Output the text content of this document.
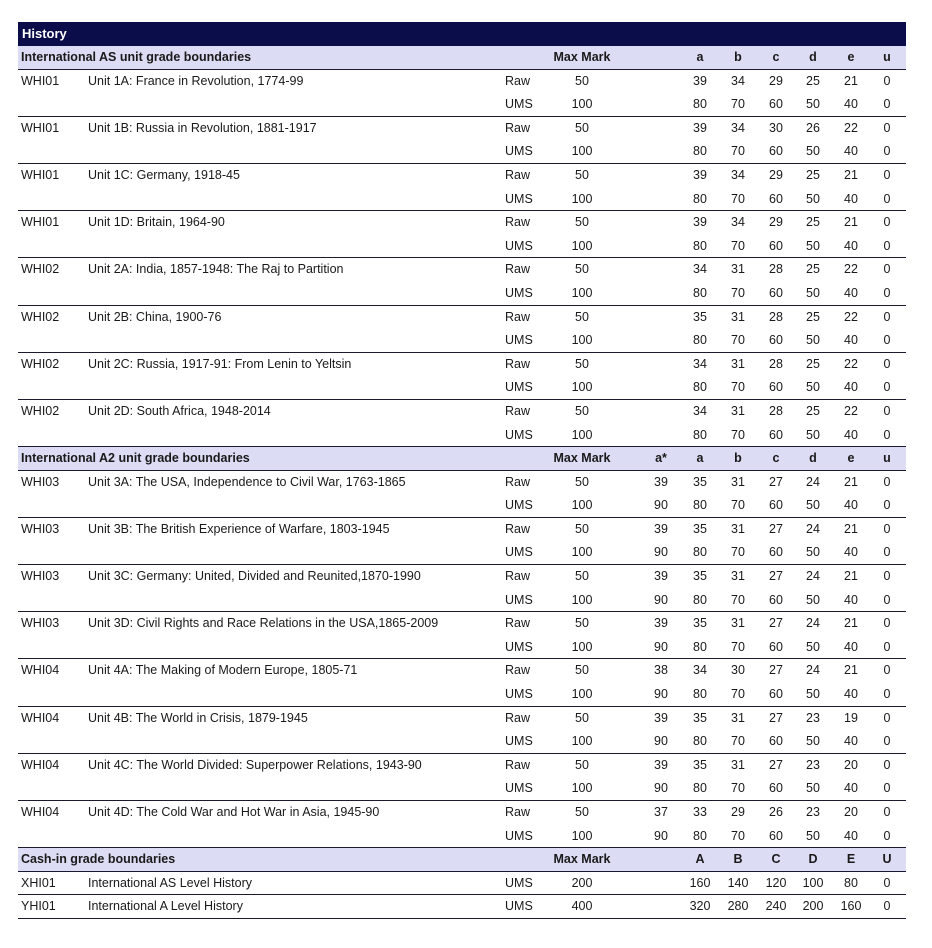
History
International AS unit grade boundaries	Max Mark	a b c d e u
WHI01 Unit 1A: France in Revolution, 1774-99	Raw	50	39 34 29 25 21 0
UMS	100	80 70 60 50 40 0
WHI01 Unit 1B: Russia in Revolution, 1881-1917	Raw	50	39 34 30 26 22 0
UMS	100	80 70 60 50 40 0
WHI01 Unit 1C: Germany, 1918-45	Raw	50	39 34 29 25 21 0
UMS	100	80 70 60 50 40 0
WHI01 Unit 1D: Britain, 1964-90	Raw	50	39 34 29 25 21 0
UMS	100	80 70 60 50 40 0
WHI02 Unit 2A: India, 1857-1948: The Raj to Partition	Raw	50	34 31 28 25 22 0
UMS	100	80 70 60 50 40 0
WHI02 Unit 2B: China, 1900-76	Raw	50	35 31 28 25 22 0
UMS	100	80 70 60 50 40 0
WHI02 Unit 2C: Russia, 1917-91: From Lenin to Yeltsin	Raw	50	34 31 28 25 22 0
UMS	100	80 70 60 50 40 0
WHI02 Unit 2D: South Africa, 1948-2014	Raw	50	34 31 28 25 22 0
UMS	100	80 70 60 50 40 0
International A2 unit grade boundaries	Max Mark	a* a b c d e u
WHI03 Unit 3A: The USA, Independence to Civil War, 1763-1865	Raw	50	39 35 31 27 24 21 0
UMS	100	90 80 70 60 50 40 0
WHI03 Unit 3B: The British Experience of Warfare, 1803-1945	Raw	50	39 35 31 27 24 21 0
UMS	100	90 80 70 60 50 40 0
WHI03 Unit 3C: Germany: United, Divided and Reunited,1870-1990	Raw	50	39 35 31 27 24 21 0
UMS	100	90 80 70 60 50 40 0
WHI03 Unit 3D: Civil Rights and Race Relations in the USA,1865-2009	Raw	50	39 35 31 27 24 21 0
UMS	100	90 80 70 60 50 40 0
WHI04 Unit 4A: The Making of Modern Europe, 1805-71	Raw	50	38 34 30 27 24 21 0
UMS	100	90 80 70 60 50 40 0
WHI04 Unit 4B: The World in Crisis, 1879-1945	Raw	50	39 35 31 27 23 19 0
UMS	100	90 80 70 60 50 40 0
WHI04 Unit 4C: The World Divided: Superpower Relations, 1943-90	Raw	50	39 35 31 27 23 20 0
UMS	100	90 80 70 60 50 40 0
WHI04 Unit 4D: The Cold War and Hot War in Asia, 1945-90	Raw	50	37 33 29 26 23 20 0
UMS	100	90 80 70 60 50 40 0
Cash-in grade boundaries	Max Mark	A B C D E U
XHI01	International AS Level History	UMS	200	160 140 120 100 80 0
YHI01	International A Level History	UMS	400	320 280 240 200 160 0
